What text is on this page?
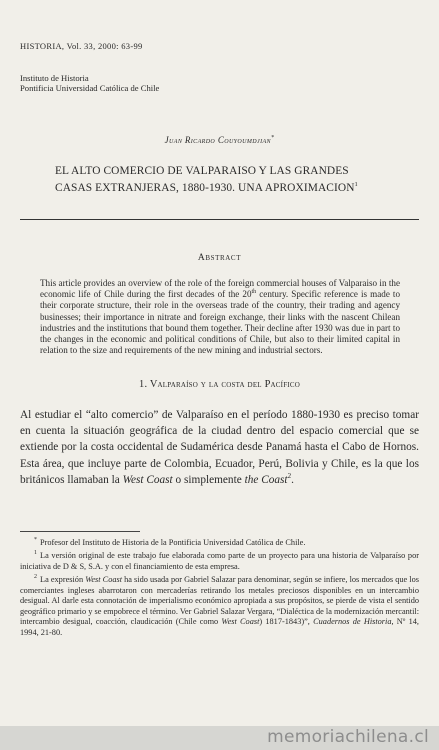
HISTORIA, Vol. 33, 2000: 63-99
Instituto de Historia
Pontificia Universidad Católica de Chile
Juan Ricardo Couyoumdjian*
EL ALTO COMERCIO DE VALPARAISO Y LAS GRANDES
CASAS EXTRANJERAS, 1880-1930. UNA APROXIMACION$^1$
Abstract
This article provides an overview of the role of the foreign commercial houses of Valparaiso in the economic life of Chile during the first decades of the 20th century. Specific reference is made to their corporate structure, their role in the overseas trade of the country, their trading and agency businesses; their importance in nitrate and foreign exchange, their links with the nascent Chilean industries and the institutions that bound them together. Their decline after 1930 was due in part to the changes in the economic and political conditions of Chile, but also to their limited capital in relation to the size and requirements of the new mining and industrial sectors.
1. Valparaíso y la costa del Pacífico
Al estudiar el “alto comercio” de Valparaíso en el período 1880-1930 es preciso tomar en cuenta la situación geográfica de la ciudad dentro del espacio comercial que se extiende por la costa occidental de Sudamérica desde Panamá hasta el Cabo de Hornos. Esta área, que incluye parte de Colombia, Ecuador, Perú, Bolivia y Chile, es la que los británicos llamaban la West Coast o simplemente the Coast$^2$.

* Profesor del Instituto de Historia de la Pontificia Universidad Católica de Chile.

$^1$ La versión original de este trabajo fue elaborada como parte de un proyecto para una historia de Valparaíso por iniciativa de D & S, S.A. y con el financiamiento de esta empresa.

$^2$ La expresión West Coast ha sido usada por Gabriel Salazar para denominar, según se infiere, los mercados que los comerciantes ingleses abarrotaron con mercaderías retirando los metales preciosos disponibles en un intercambio desigual. Al darle esta connotación de imperialismo económico apropiada a sus propósitos, se pierde de vista el sentido geográfico primario y se empobrece el término. Ver Gabriel Salazar Vergara, “Dialéctica de la modernización mercantil: intercambio desigual, coacción, claudicación (Chile como West Coast) 1817-1843)”, Cuadernos de Historia, Nº 14, 1994, 21-80.

memoriachilena.cl
